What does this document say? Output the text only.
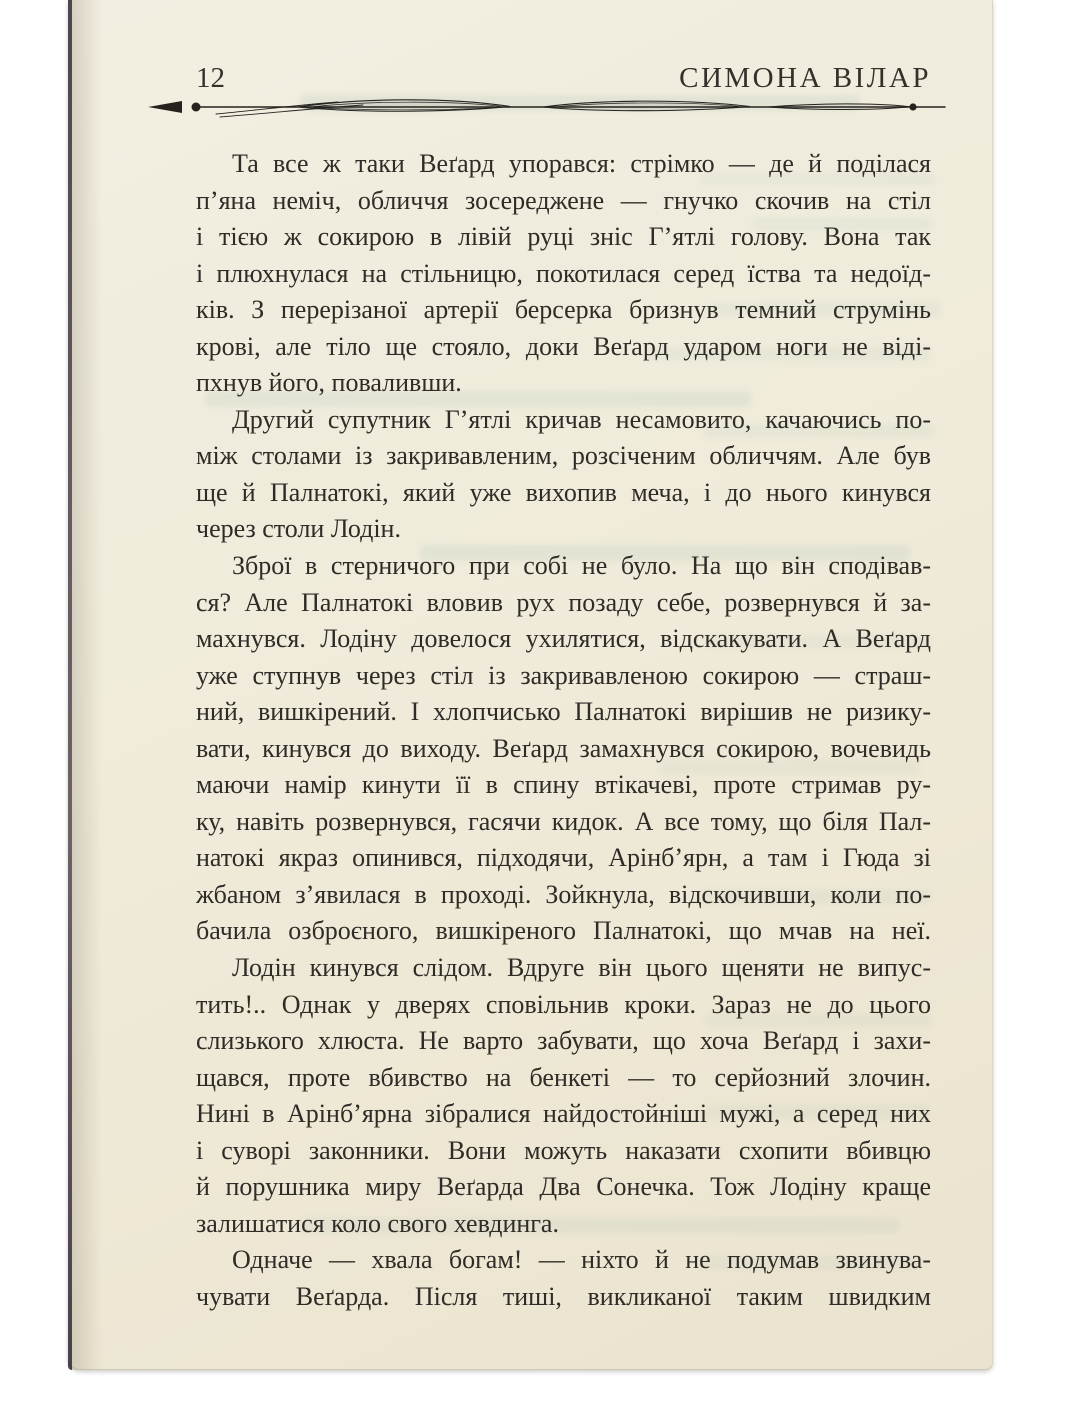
12	СИМОНА ВІЛАР
Та все ж таки Веґард упорався: стрімко — де й поділася
п’яна неміч, обличчя зосереджене — гнучко скочив на стіл
і тією ж сокирою в лівій руці зніс Г’ятлі голову. Вона так
і плюхнулася на стільницю, покотилася серед їства та недоїд-
ків. З перерізаної артерії берсерка бризнув темний струмінь
крові, але тіло ще стояло, доки Веґард ударом ноги не віді-
пхнув його, поваливши.
Другий супутник Г’ятлі кричав несамовито, качаючись по-
між столами із закривавленим, розсіченим обличчям. Але був
ще й Палнатокі, який уже вихопив меча, і до нього кинувся
через столи Лодін.
Зброї в стерничого при собі не було. На що він сподівав-
ся? Але Палнатокі вловив рух позаду себе, розвернувся й за-
махнувся. Лодіну довелося ухилятися, відскакувати. А Веґард
уже ступнув через стіл із закривавленою сокирою — страш-
ний, вишкірений. І хлопчисько Палнатокі вирішив не ризику-
вати, кинувся до виходу. Веґард замахнувся сокирою, вочевидь
маючи намір кинути її в спину втікачеві, проте стримав ру-
ку, навіть розвернувся, гасячи кидок. А все тому, що біля Пал-
натокі якраз опинився, підходячи, Арінб’ярн, а там і Гюда зі
жбаном з’явилася в проході. Зойкнула, відскочивши, коли по-
бачила озброєного, вишкіреного Палнатокі, що мчав на неї.
Лодін кинувся слідом. Вдруге він цього щеняти не випус-
тить!.. Однак у дверях сповільнив кроки. Зараз не до цього
слизького хлюста. Не варто забувати, що хоча Веґард і захи-
щався, проте вбивство на бенкеті — то серйозний злочин.
Нині в Арінб’ярна зібралися найдостойніші мужі, а серед них
і суворі законники. Вони можуть наказати схопити вбивцю
й порушника миру Веґарда Два Сонечка. Тож Лодіну краще
залишатися коло свого хевдинга.
Одначе — хвала богам! — ніхто й не подумав звинува-
чувати Веґарда. Після тиші, викликаної таким швидким
